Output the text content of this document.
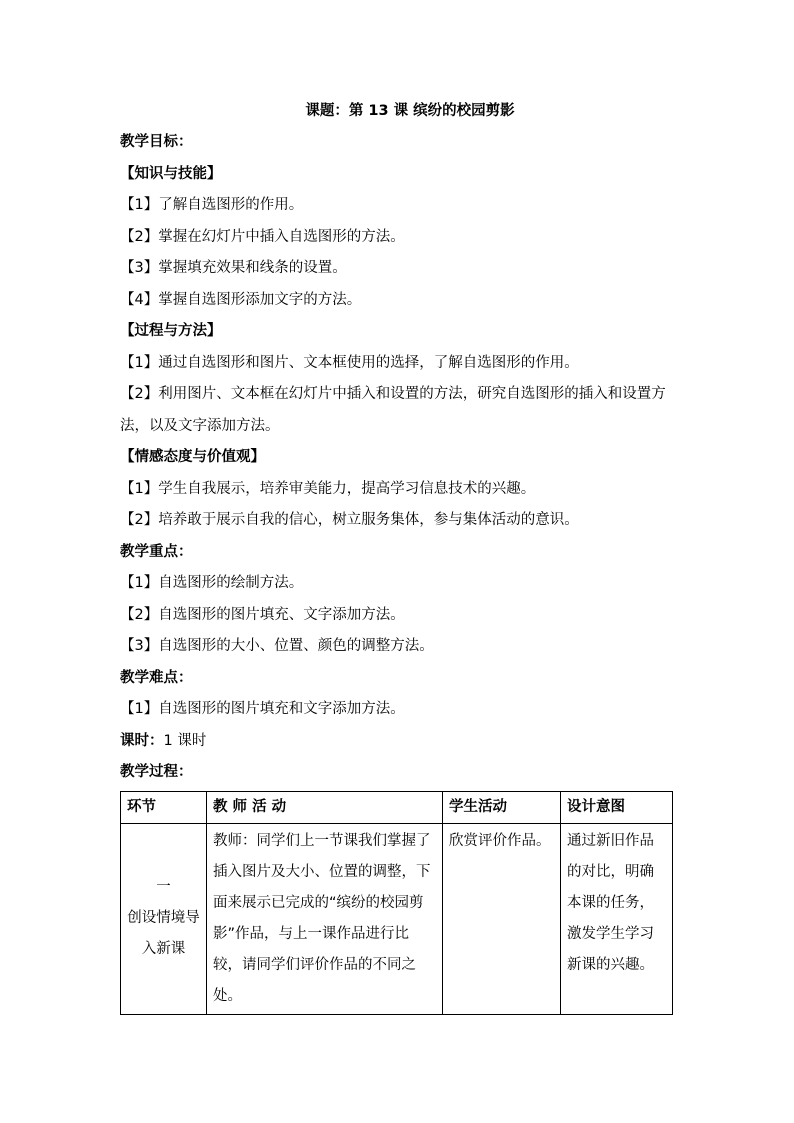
课题：第 13 课 缤纷的校园剪影
教学目标：
【知识与技能】
【1】了解自选图形的作用。
【2】掌握在幻灯片中插入自选图形的方法。
【3】掌握填充效果和线条的设置。
【4】掌握自选图形添加文字的方法。
【过程与方法】
【1】通过自选图形和图片、文本框使用的选择，了解自选图形的作用。
【2】利用图片、文本框在幻灯片中插入和设置的方法，研究自选图形的插入和设置方法，以及文字添加方法。
【情感态度与价值观】
【1】学生自我展示，培养审美能力，提高学习信息技术的兴趣。
【2】培养敢于展示自我的信心，树立服务集体，参与集体活动的意识。
教学重点：
【1】自选图形的绘制方法。
【2】自选图形的图片填充、文字添加方法。
【3】自选图形的大小、位置、颜色的调整方法。
教学难点：
【1】自选图形的图片填充和文字添加方法。
课时：1 课时
教学过程：
环节	教 师 活 动	学生活动	设计意图

一
创设情境导入新课	教师：同学们上一节课我们掌握了插入图片及大小、位置的调整，下面来展示已完成的“缤纷的校园剪影”作品，与上一课作品进行比较，请同学们评价作品的不同之处。	欣赏评价作品。	通过新旧作品的对比，明确本课的任务，激发学生学习新课的兴趣。
